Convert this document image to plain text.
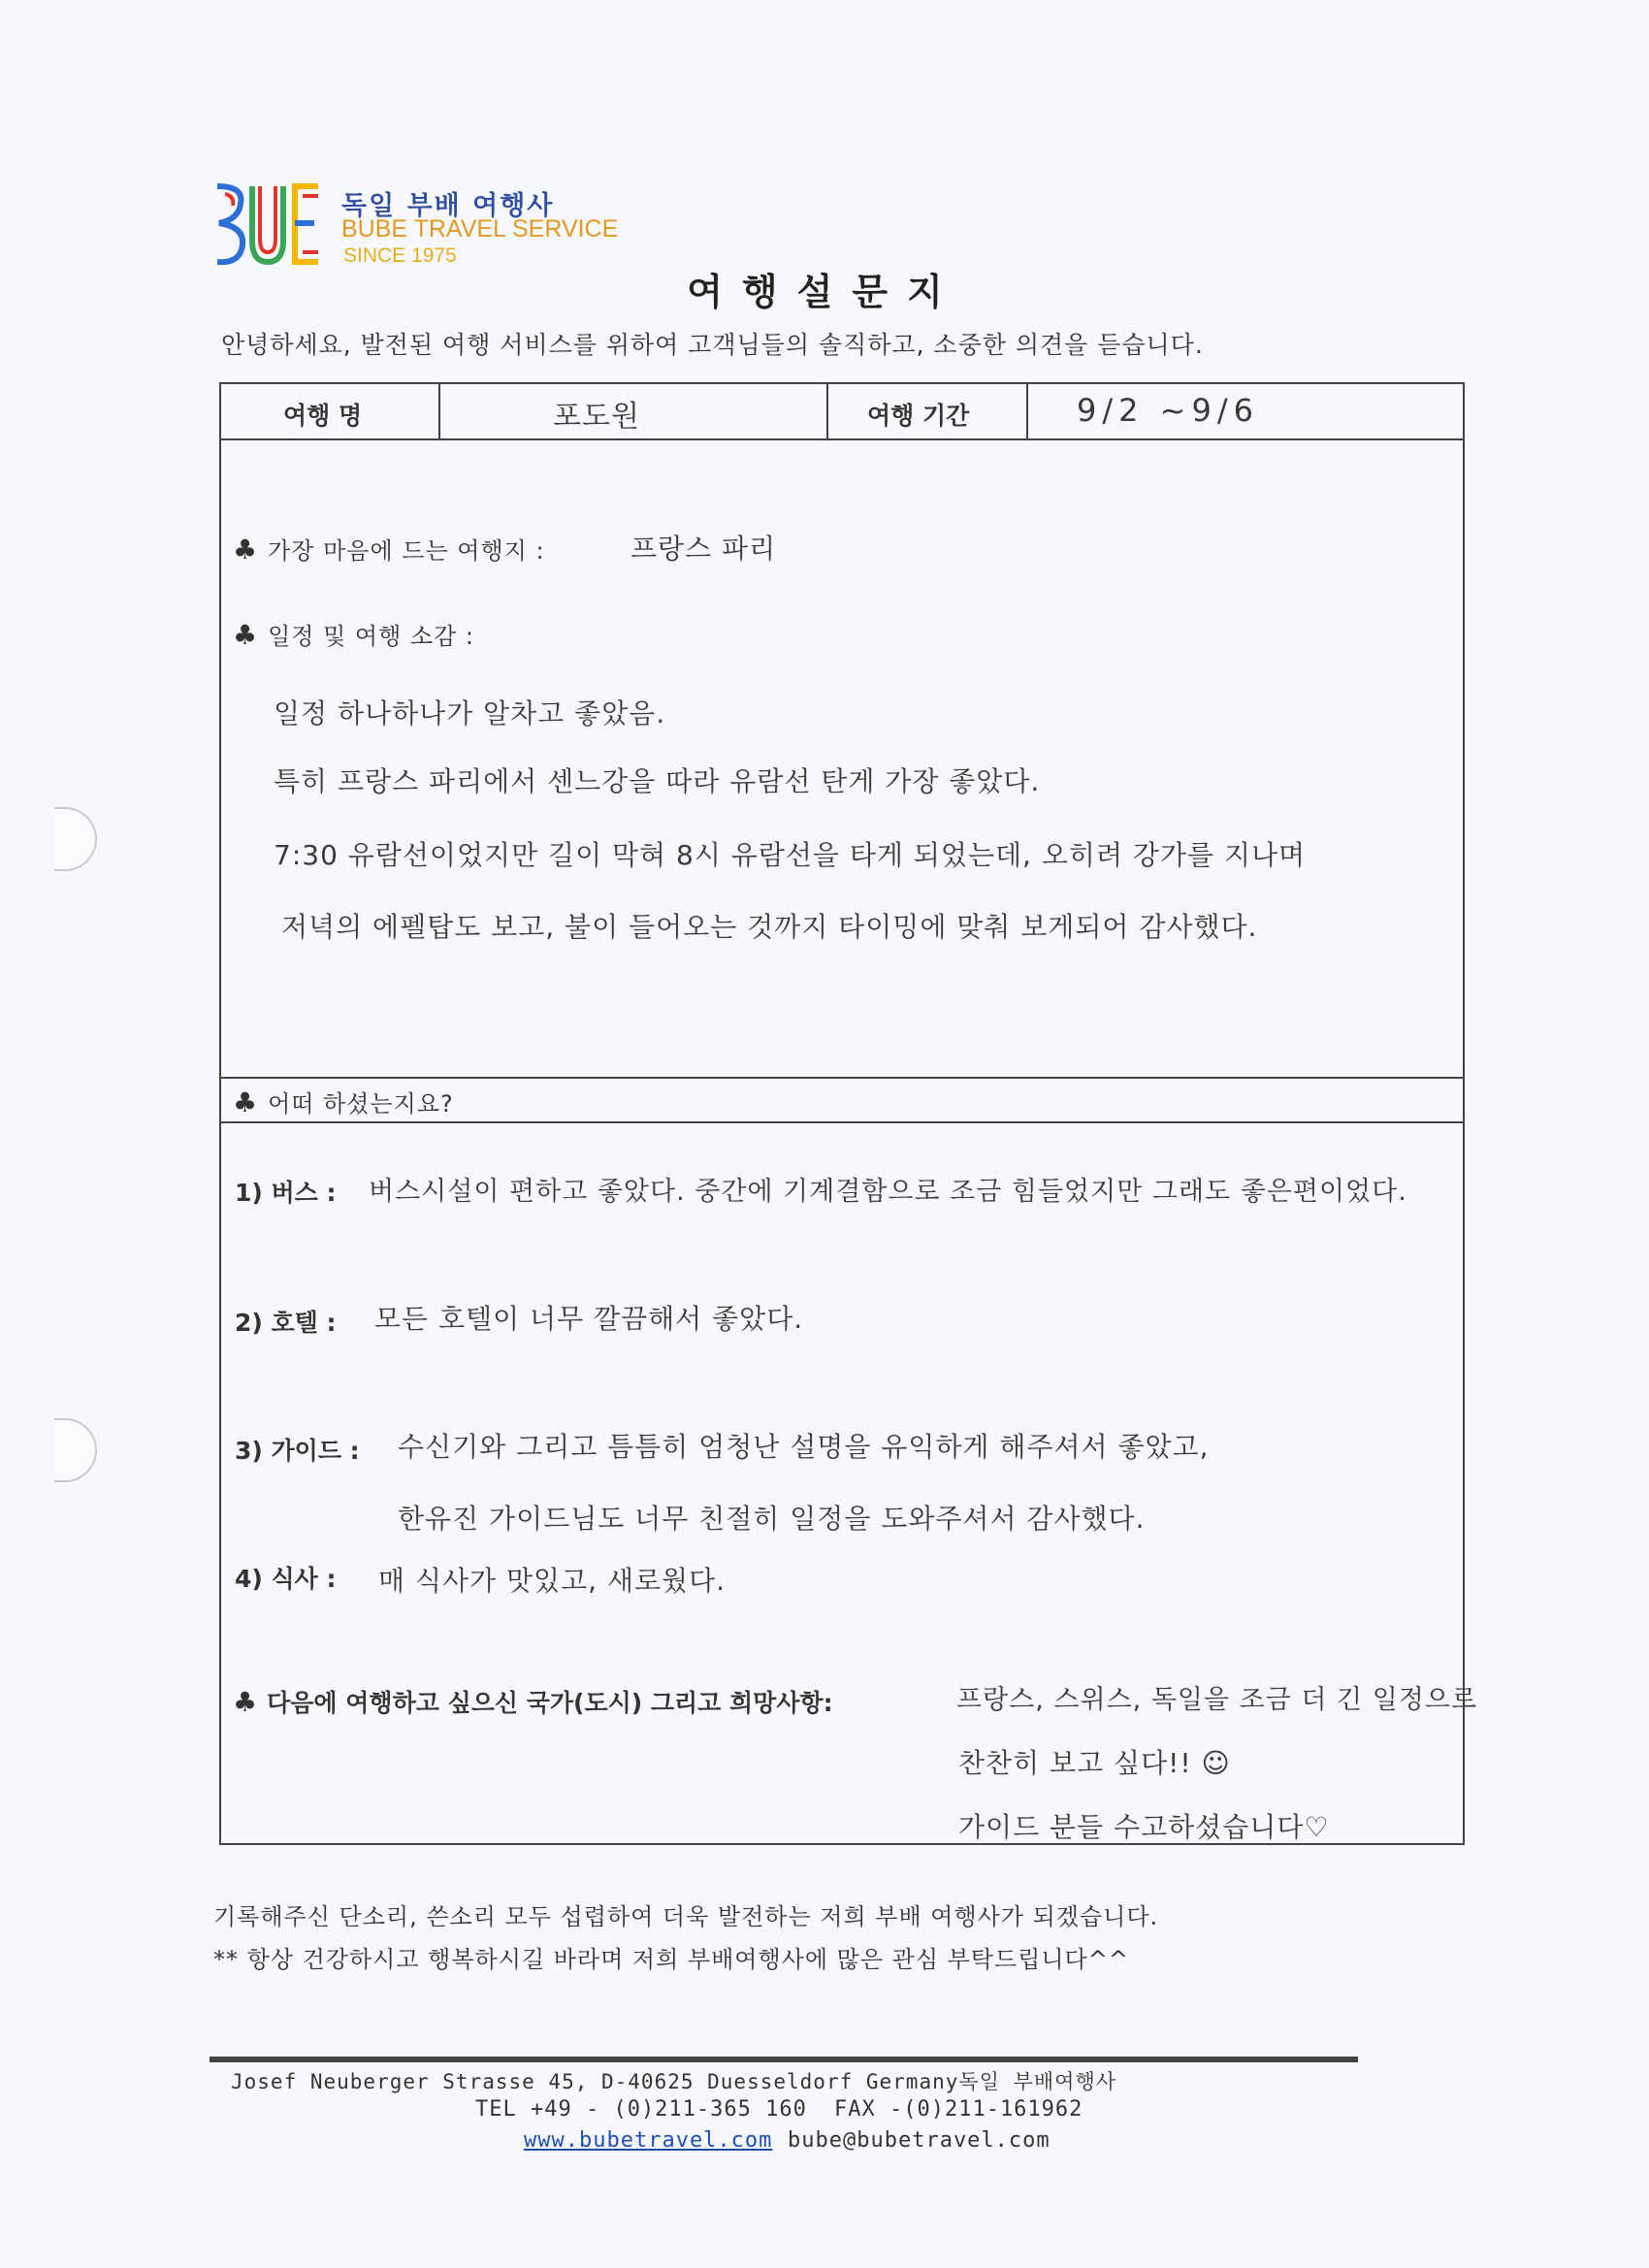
독일 부배 여행사
BUBE TRAVEL SERVICE
SINCE 1975
여행설문지
안녕하세요, 발전된 여행 서비스를 위하여 고객님들의 솔직하고, 소중한 의견을 듣습니다.
여행 명	포도원	여행 기간	9/2 ~9/6
♣ 가장 마음에 드는 여행지 :	프랑스 파리
♣ 일정 및 여행 소감 :
일정 하나하나가 알차고 좋았음.
특히 프랑스 파리에서 센느강을 따라 유람선 탄게 가장 좋았다.
7:30 유람선이었지만 길이 막혀 8시 유람선을 타게 되었는데, 오히려 강가를 지나며
저녁의 에펠탑도 보고, 불이 들어오는 것까지 타이밍에 맞춰 보게되어 감사했다.
♣ 어떠 하셨는지요?
1) 버스 : 버스시설이 편하고 좋았다. 중간에 기계결함으로 조금 힘들었지만 그래도 좋은편이었다.
2) 호텔 : 모든 호텔이 너무 깔끔해서 좋았다.
3) 가이드 : 수신기와 그리고 틈틈히 엄청난 설명을 유익하게 해주셔서 좋았고,
한유진 가이드님도 너무 친절히 일정을 도와주셔서 감사했다.
4) 식사 : 매 식사가 맛있고, 새로웠다.
♣ 다음에 여행하고 싶으신 국가(도시) 그리고 희망사항:	프랑스, 스위스, 독일을 조금 더 긴 일정으로
찬찬히 보고 싶다!! ☺
가이드 분들 수고하셨습니다♡
기록해주신 단소리, 쓴소리 모두 섭렵하여 더욱 발전하는 저희 부배 여행사가 되겠습니다.
** 항상 건강하시고 행복하시길 바라며 저희 부배여행사에 많은 관심 부탁드립니다^^
Josef Neuberger Strasse 45, D-40625 Duesseldorf Germany독일 부배여행사
TEL +49 - (0)211-365 160 FAX -(0)211-161962
www.bubetravel.com bube@bubetravel.com
